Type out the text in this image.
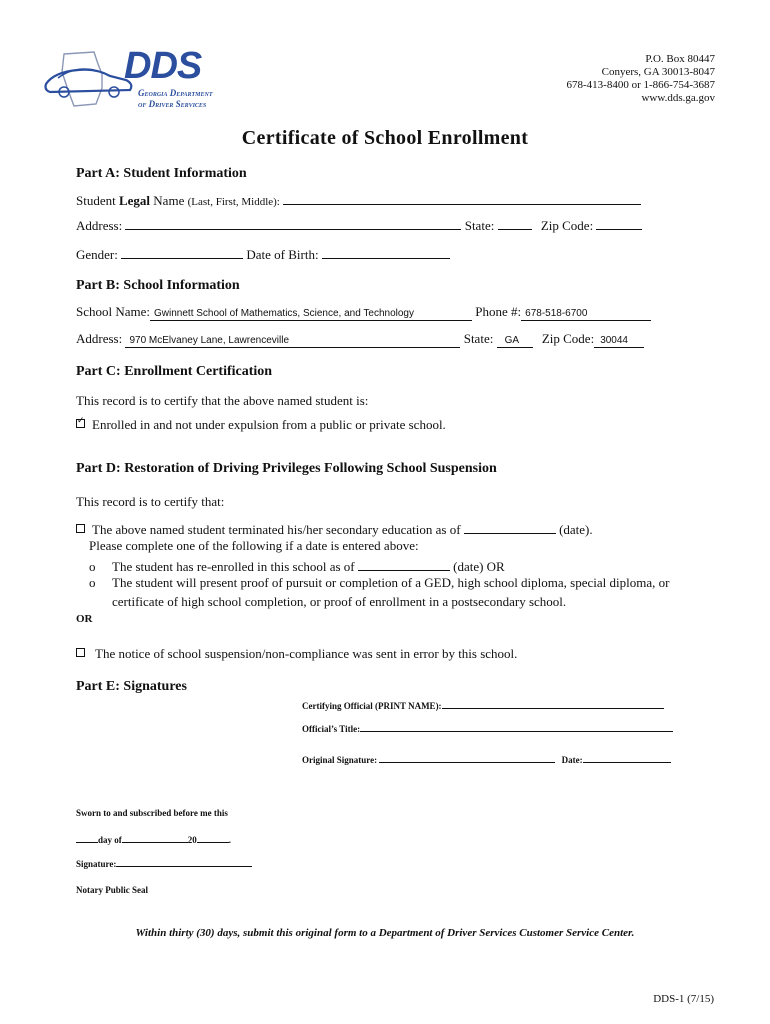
DDS
Georgia Department
of Driver Services
P.O. Box 80447
Conyers, GA 30013-8047
678-413-8400 or 1-866-754-3687
www.dds.ga.gov
Certificate of School Enrollment
Part A: Student Information
Student Legal Name (Last, First, Middle):
Address:	State:	Zip Code:
Gender:	Date of Birth:
Part B: School Information
School Name: Gwinnett School of Mathematics, Science, and Technology	Phone #: 678-518-6700
Address: 970 McElvaney Lane, Lawrenceville	State: GA Zip Code: 30044
Part C: Enrollment Certification
This record is to certify that the above named student is:
✓Enrolled in and not under expulsion from a public or private school.
Part D: Restoration of Driving Privileges Following School Suspension
This record is to certify that:
The above named student terminated his/her secondary education as of	(date).
Please complete one of the following if a date is entered above:
o The student has re-enrolled in this school as of	(date) OR
o The student will present proof of pursuit or completion of a GED, high school diploma, special diploma, or
certificate of high school completion, or proof of enrollment in a postsecondary school.
OR
The notice of school suspension/non-compliance was sent in error by this school.
Part E: Signatures
Certifying Official (PRINT NAME):
Official’s Title:
Original Signature:	Date:
Sworn to and subscribed before me this
day of	20	.
Signature:
Notary Public Seal
Within thirty (30) days, submit this original form to a Department of Driver Services Customer Service Center.
DDS-1 (7/15)
